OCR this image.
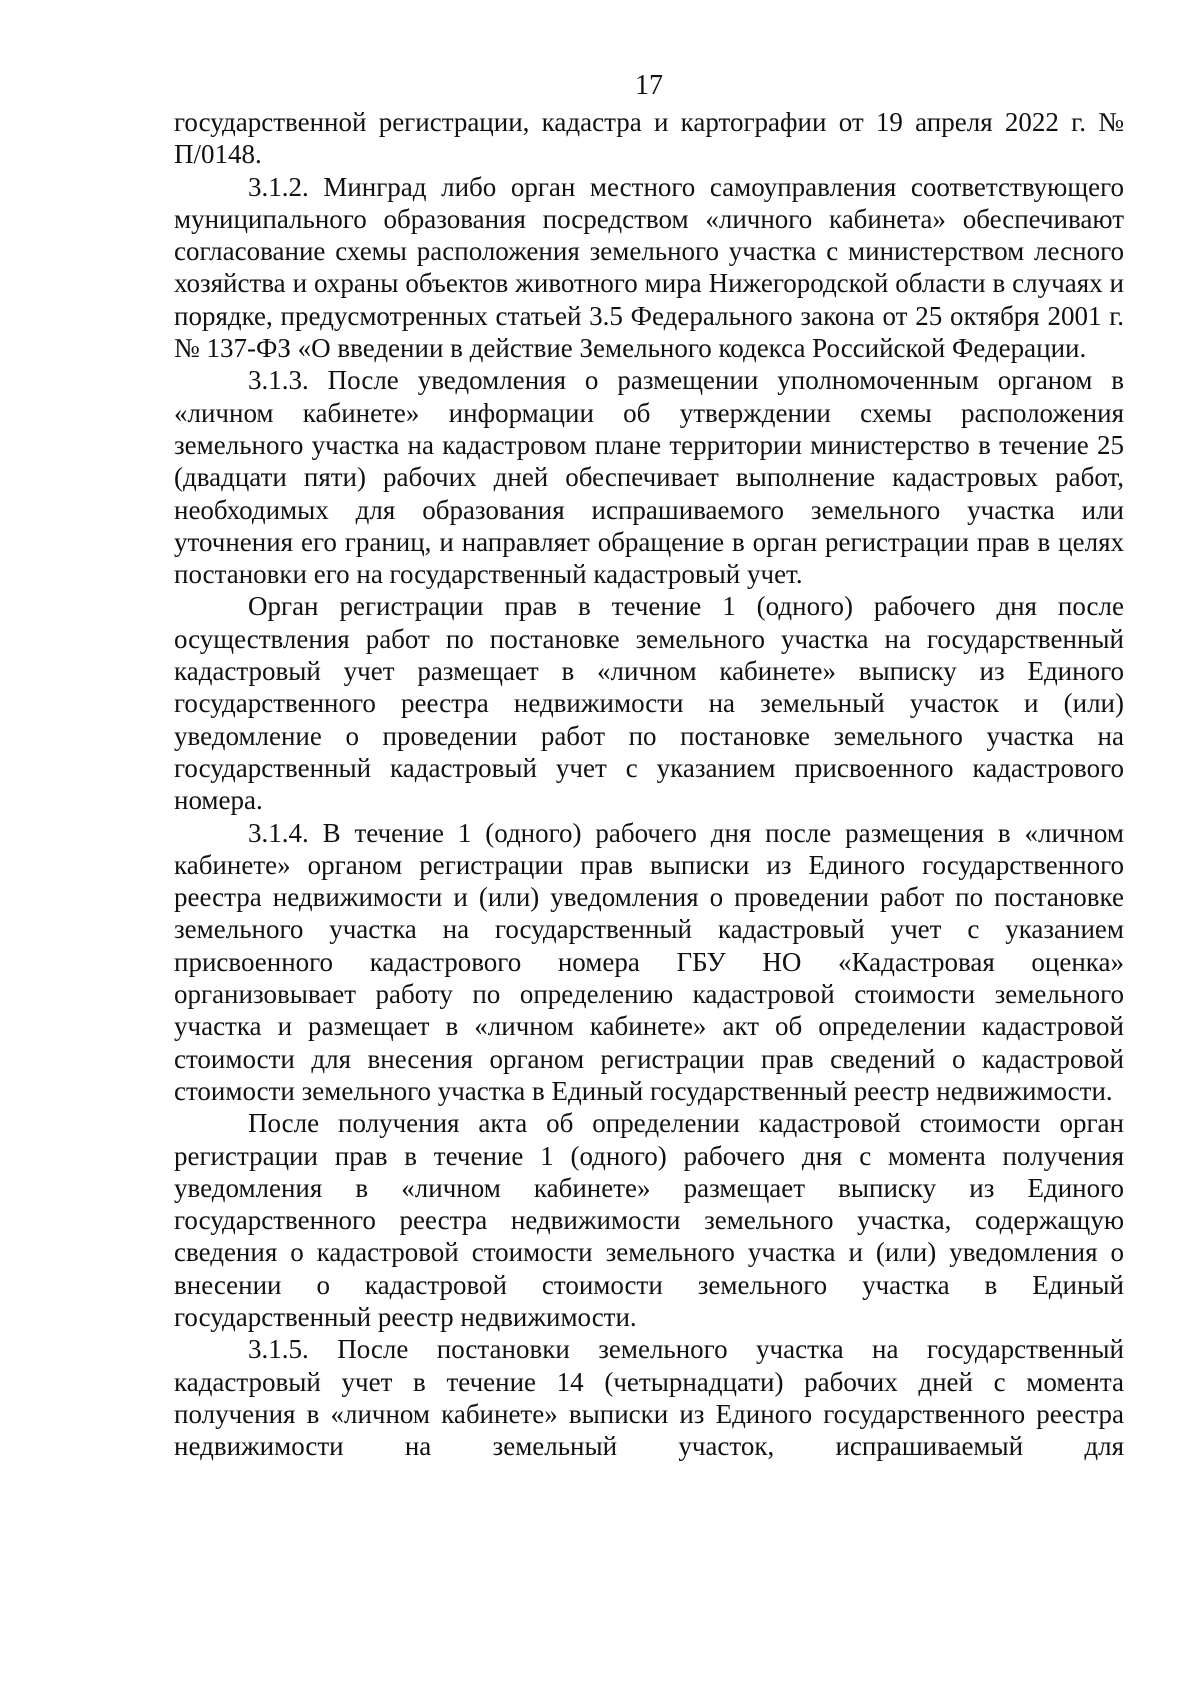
17

государственной регистрации, кадастра и картографии от 19 апреля 2022 г. № П/0148.

3.1.2. Минград либо орган местного самоуправления соответствующего муниципального образования посредством «личного кабинета» обеспечивают согласование схемы расположения земельного участка с министерством лесного хозяйства и охраны объектов животного мира Нижегородской области в случаях и порядке, предусмотренных статьей 3.5 Федерального закона от 25 октября 2001 г. № 137-ФЗ «О введении в действие Земельного кодекса Российской Федерации.

3.1.3. После уведомления о размещении уполномоченным органом в «личном кабинете» информации об утверждении схемы расположения земельного участка на кадастровом плане территории министерство в течение 25 (двадцати пяти) рабочих дней обеспечивает выполнение кадастровых работ, необходимых для образования испрашиваемого земельного участка или уточнения его границ, и направляет обращение в орган регистрации прав в целях постановки его на государственный кадастровый учет.

Орган регистрации прав в течение 1 (одного) рабочего дня после осуществления работ по постановке земельного участка на государственный кадастровый учет размещает в «личном кабинете» выписку из Единого государственного реестра недвижимости на земельный участок и (или) уведомление о проведении работ по постановке земельного участка на государственный кадастровый учет с указанием присвоенного кадастрового номера.

3.1.4. В течение 1 (одного) рабочего дня после размещения в «личном кабинете» органом регистрации прав выписки из Единого государственного реестра недвижимости и (или) уведомления о проведении работ по постановке земельного участка на государственный кадастровый учет с указанием присвоенного кадастрового номера ГБУ НО «Кадастровая оценка» организовывает работу по определению кадастровой стоимости земельного участка и размещает в «личном кабинете» акт об определении кадастровой стоимости для внесения органом регистрации прав сведений о кадастровой стоимости земельного участка в Единый государственный реестр недвижимости.

После получения акта об определении кадастровой стоимости орган регистрации прав в течение 1 (одного) рабочего дня с момента получения уведомления в «личном кабинете» размещает выписку из Единого государственного реестра недвижимости земельного участка, содержащую сведения о кадастровой стоимости земельного участка и (или) уведомления о внесении о кадастровой стоимости земельного участка в Единый государственный реестр недвижимости.

3.1.5. После постановки земельного участка на государственный кадастровый учет в течение 14 (четырнадцати) рабочих дней с момента получения в «личном кабинете» выписки из Единого государственного реестра недвижимости на земельный участок, испрашиваемый для
